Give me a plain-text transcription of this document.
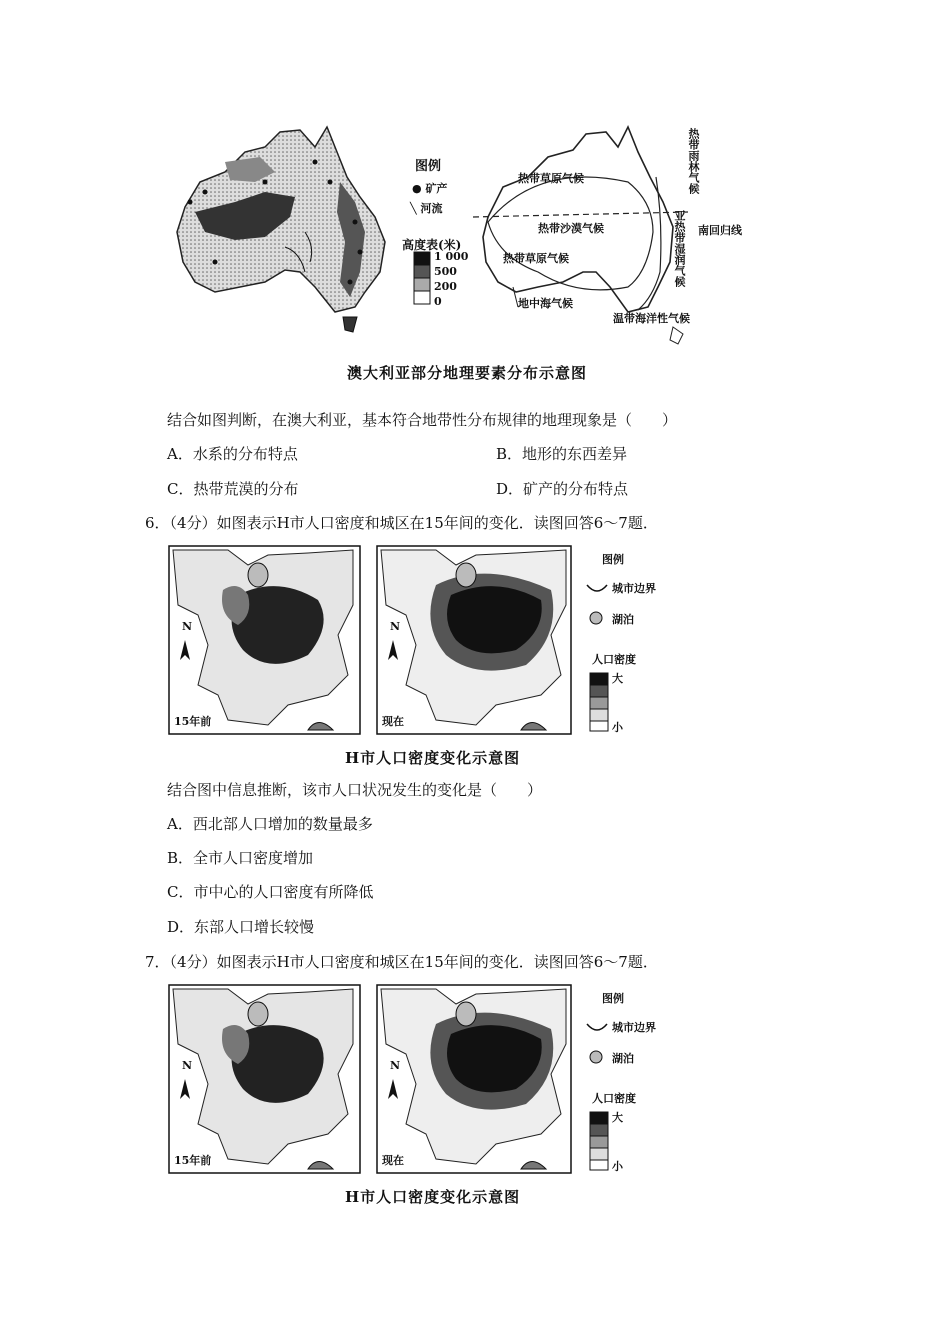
图例
● 矿产
╲ 河流
高度表(米)
1 000
500
200
0
热带草原气候
热带沙漠气候
热带草原气候
地中海气候
温带海洋性气候
热带雨林气候
亚热带湿润气候 南回归线
澳大利亚部分地理要素分布示意图
结合如图判断，在澳大利亚，基本符合地带性分布规律的地理现象是（　　）
A．水系的分布特点	B．地形的东西差异
C．热带荒漠的分布	D．矿产的分布特点
6．（4分）如图表示H市人口密度和城区在15年间的变化．读图回答6～7题．
N
15年前
N
现在
图例
城市边界
湖泊
人口密度
大
小
H市人口密度变化示意图
结合图中信息推断，该市人口状况发生的变化是（　　）
A．西北部人口增加的数量最多
B．全市人口密度增加
C．市中心的人口密度有所降低
D．东部人口增长较慢
7．（4分）如图表示H市人口密度和城区在15年间的变化．读图回答6～7题．
N
15年前
N
现在
图例
城市边界
湖泊
人口密度
大
小
H市人口密度变化示意图
